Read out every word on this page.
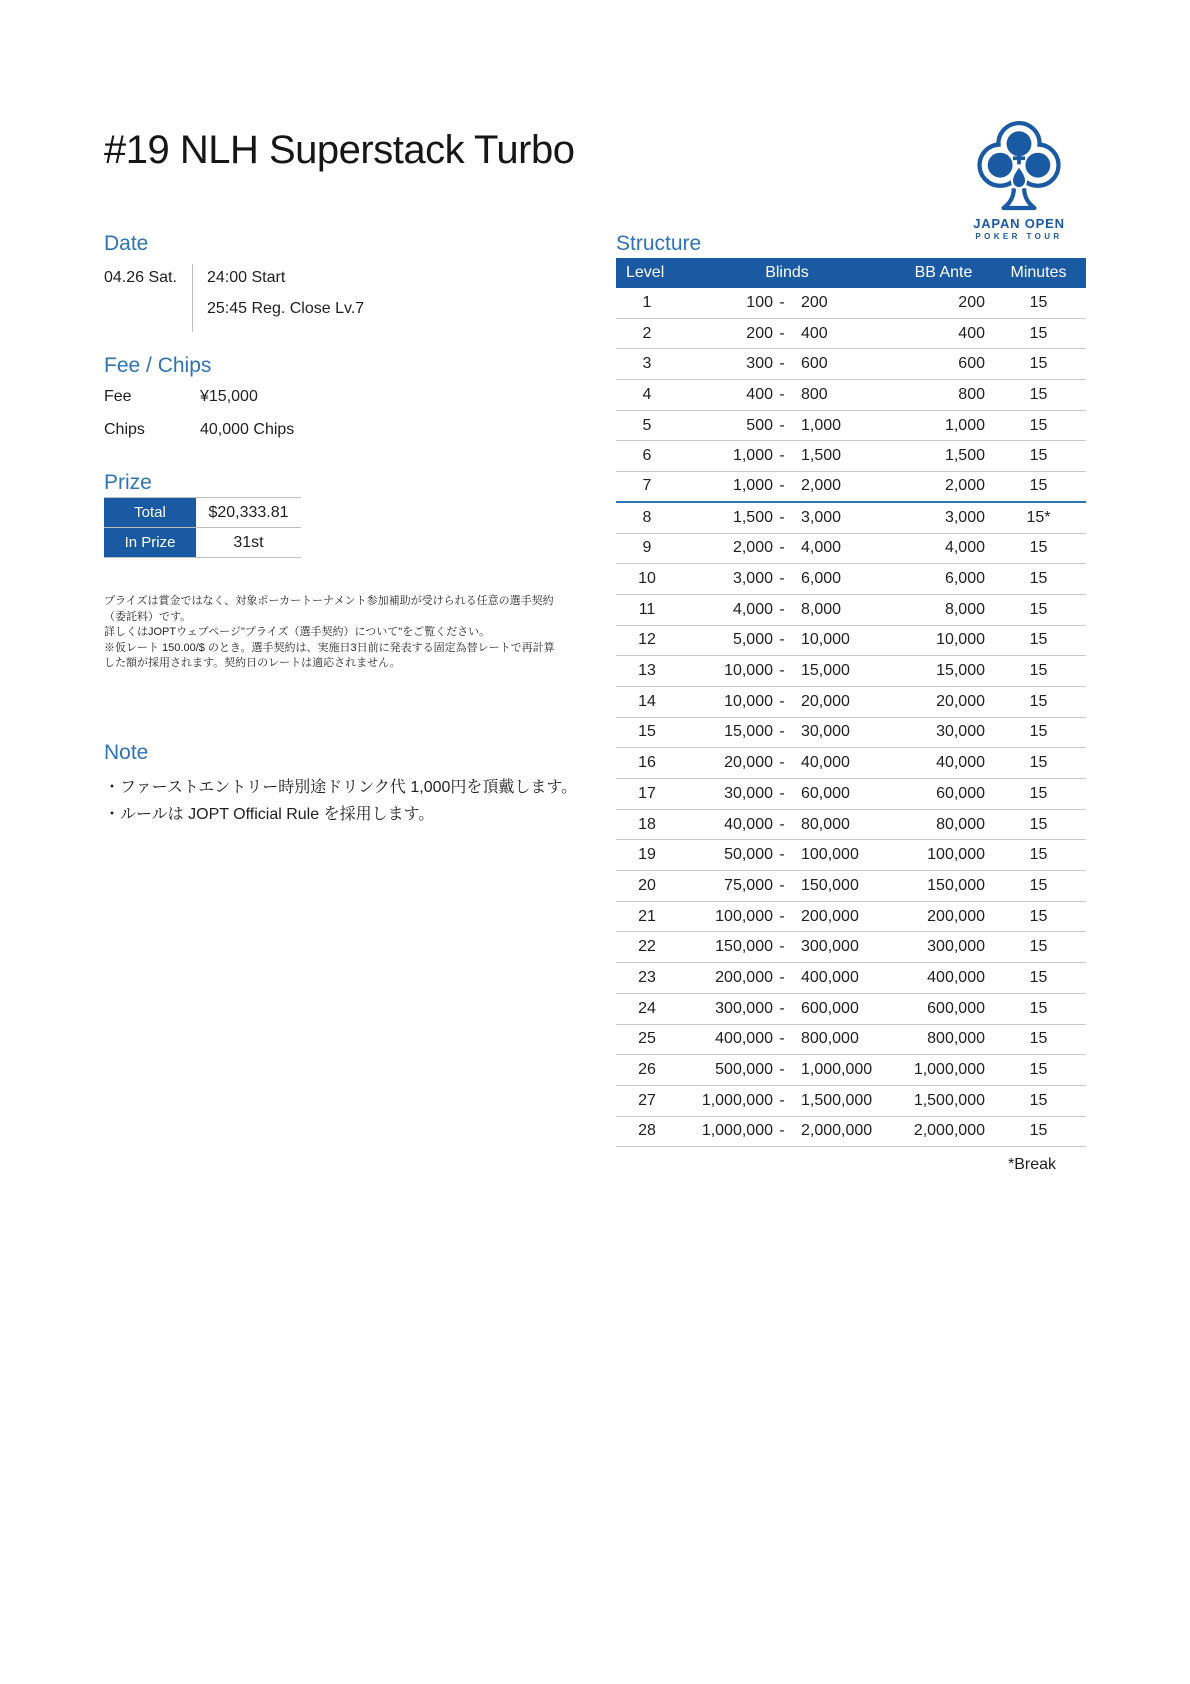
#19 NLH Superstack Turbo
JAPAN OPEN
POKER TOUR
Date
04.26 Sat.	24:00 Start
25:45 Reg. Close Lv.7
Fee / Chips
Fee	¥15,000
Chips	40,000 Chips
Prize
Total	$20,333.81
In Prize	31st

プライズは賞金ではなく、対象ポーカートーナメント参加補助が受けられる任意の選手契約（委託料）です。

詳しくはJOPTウェブページ"プライズ（選手契約）について"をご覧ください。

※仮レート 150.00/$ のとき。選手契約は、実施日3日前に発表する固定為替レートで再計算した額が採用されます。契約日のレートは適応されません。

Note
・ファーストエントリー時別途ドリンク代 1,000円を頂戴します。
・ルールは JOPT Official Rule を採用します。
Structure
Level	Blinds	BB Ante	Minutes
1	100 -	200	200	15
2	200 -	400	400	15
3	300 -	600	600	15
4	400 -	800	800	15
5	500 -	1,000	1,000	15
6	1,000 -	1,500	1,500	15
7	1,000 -	2,000	2,000	15
8	1,500 -	3,000	3,000	15*
9	2,000 -	4,000	4,000	15
10	3,000 -	6,000	6,000	15
11	4,000 -	8,000	8,000	15
12	5,000 -	10,000	10,000	15
13	10,000 -	15,000	15,000	15
14	10,000 -	20,000	20,000	15
15	15,000 -	30,000	30,000	15
16	20,000 -	40,000	40,000	15
17	30,000 -	60,000	60,000	15
18	40,000 -	80,000	80,000	15
19	50,000 -	100,000	100,000	15
20	75,000 -	150,000	150,000	15
21	100,000 -	200,000	200,000	15
22	150,000 -	300,000	300,000	15
23	200,000 -	400,000	400,000	15
24	300,000 -	600,000	600,000	15
25	400,000 -	800,000	800,000	15
26	500,000 -	1,000,000	1,000,000	15
27	1,000,000 -	1,500,000	1,500,000	15
28	1,000,000 -	2,000,000	2,000,000	15
*Break
